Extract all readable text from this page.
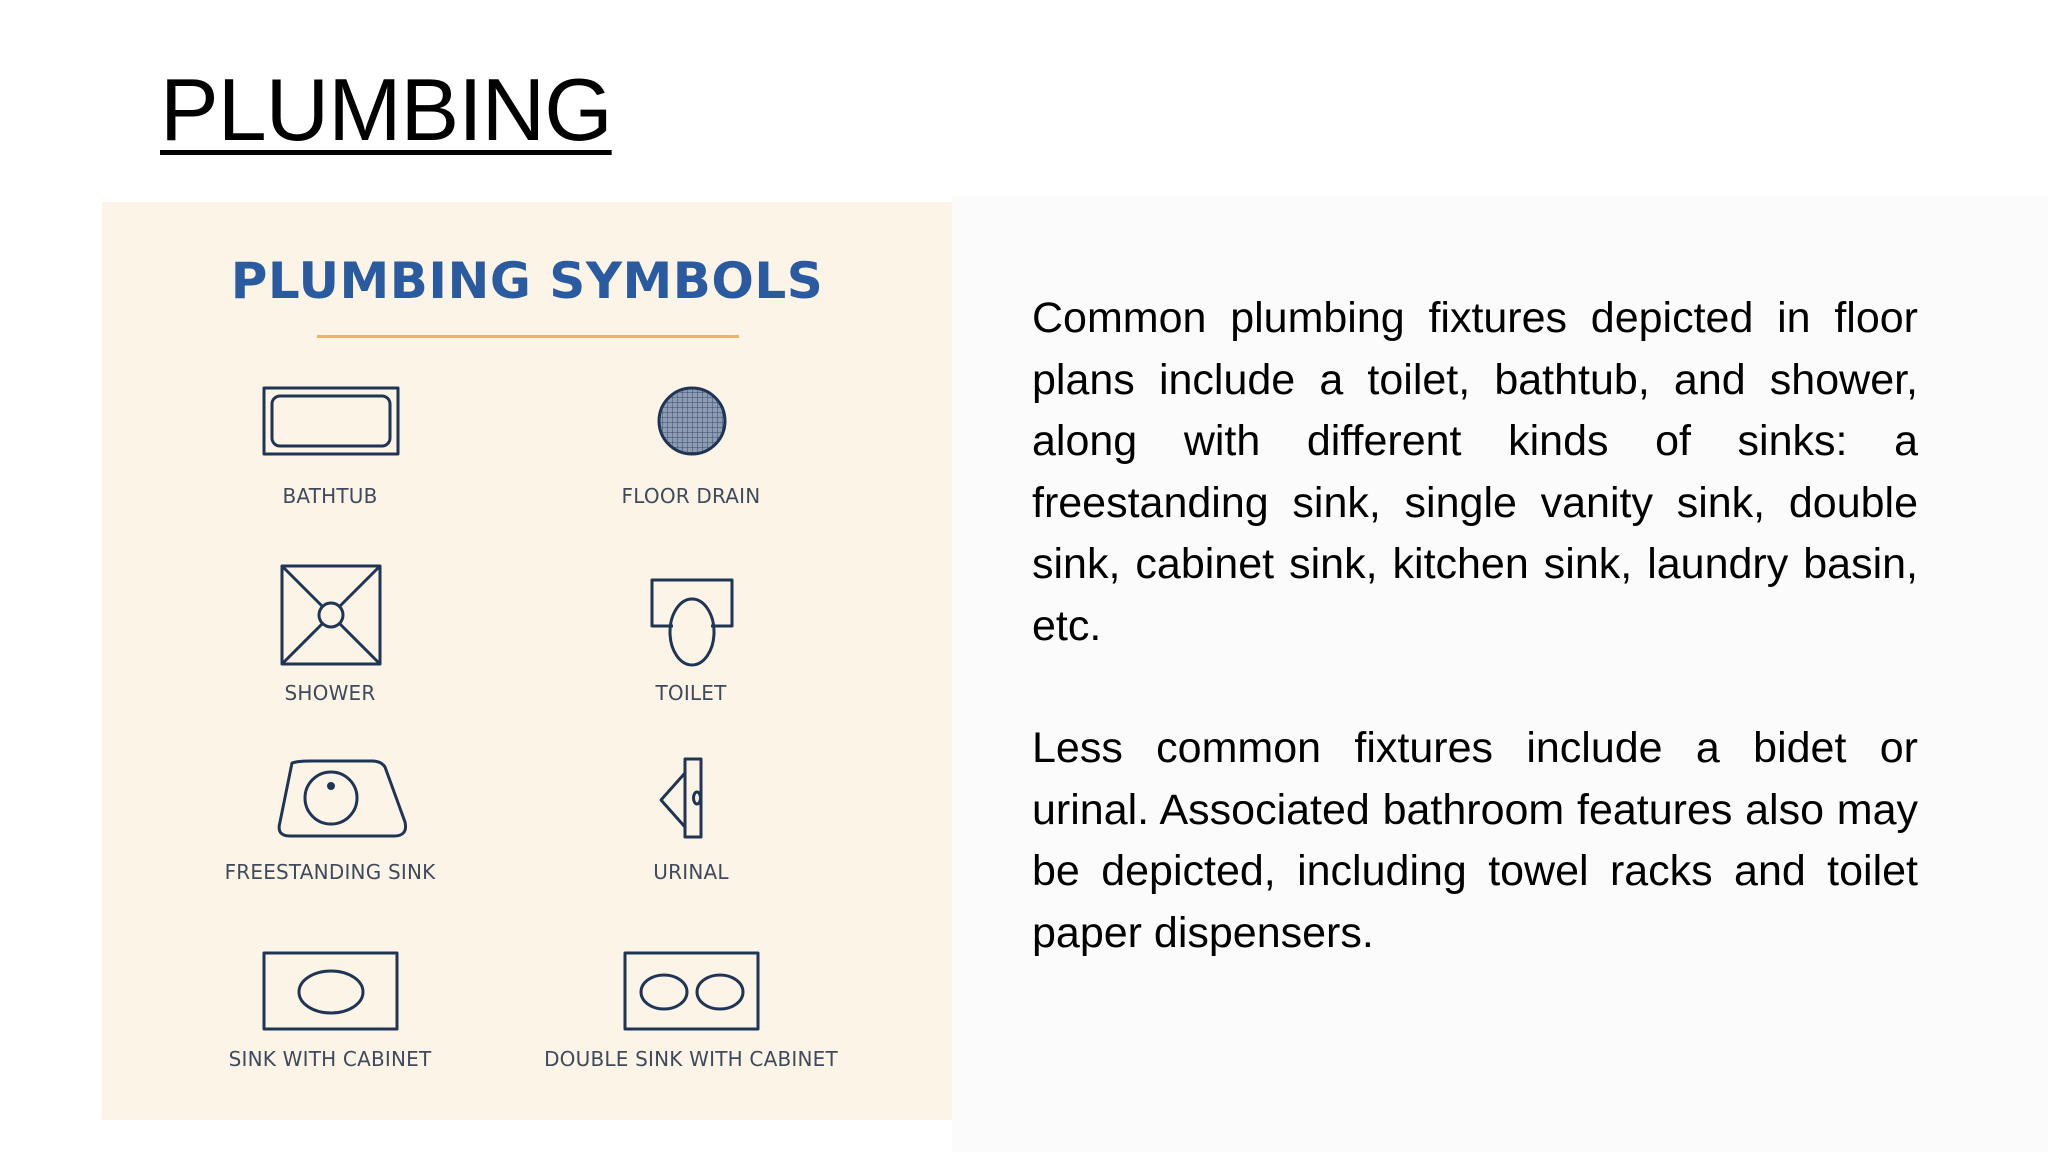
PLUMBING
PLUMBING SYMBOLS
BATHTUB	FLOOR DRAIN
SHOWER	TOILET
FREESTANDING SINK	URINAL
SINK WITH CABINET	DOUBLE SINK WITH CABINET

Common plumbing fixtures depicted in floor plans include a toilet, bathtub, and shower, along with different kinds of sinks: a freestanding sink, single vanity sink, double sink, cabinet sink, kitchen sink, laundry basin, etc.

Less common fixtures include a bidet or urinal. Associated bathroom features also may be depicted, including towel racks and toilet paper dispensers.
